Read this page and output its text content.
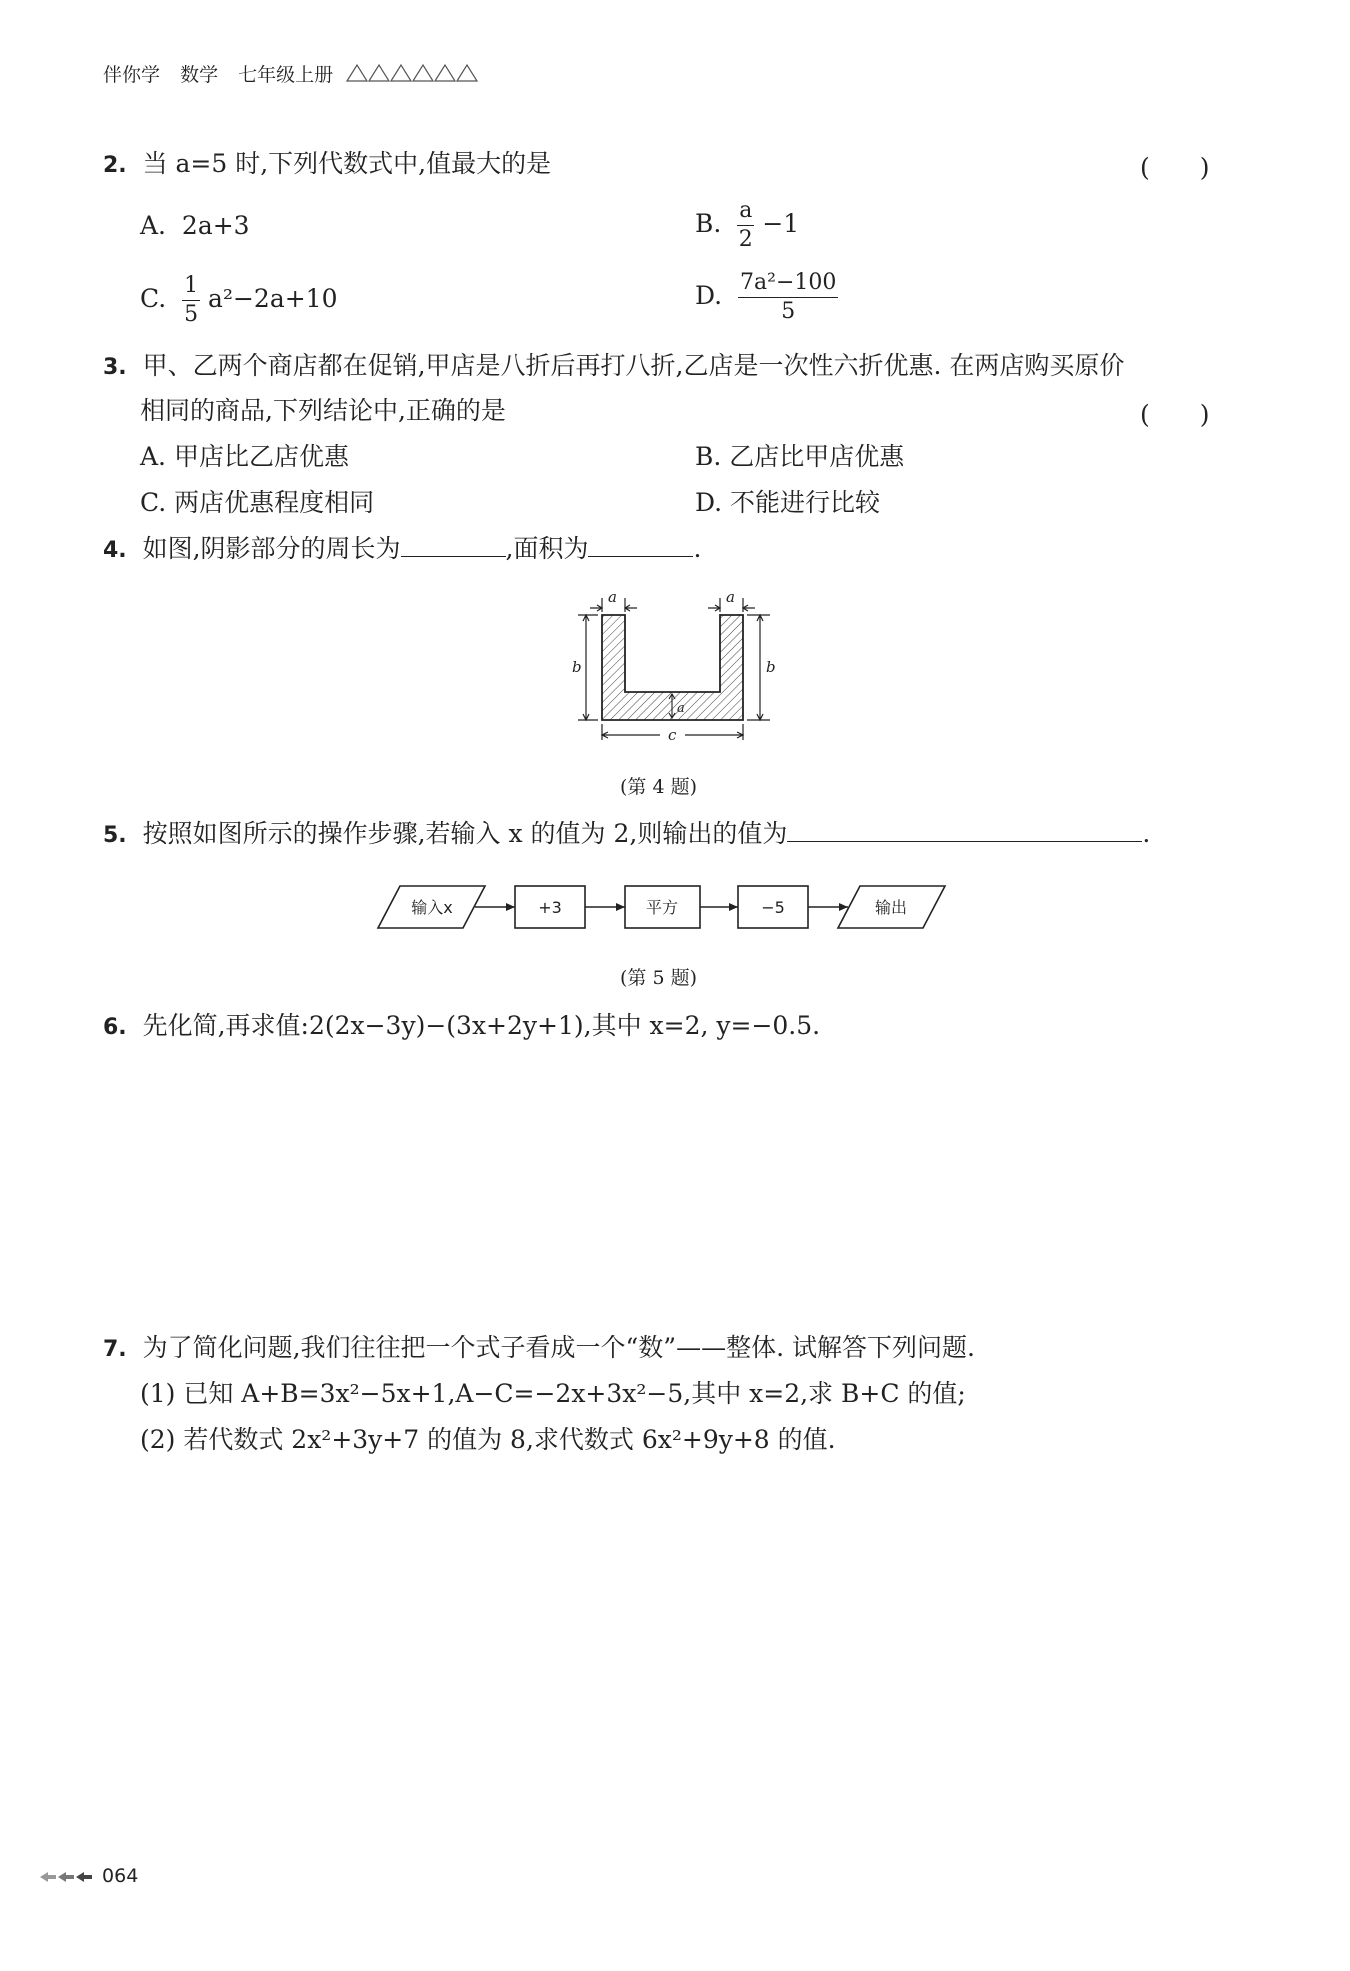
伴你学 数学 七年级上册
2. 当 a=5 时,下列代数式中,值最大的是	(　　)
A. 2a+3	B. $\frac{a}{2} -1$
C. $\frac{1}{5} a^2-2a+10$	D. $\frac{\text{7a²−100}}{5}$
3. 甲、乙两个商店都在促销,甲店是八折后再打八折,乙店是一次性六折优惠. 在两店购买原价
相同的商品,下列结论中,正确的是	(　　)
A. 甲店比乙店优惠	B. 乙店比甲店优惠
C. 两店优惠程度相同	D. 不能进行比较
4. 如图,阴影部分的周长为	,面积为	.
a	a
b	b
c
a
(第 4 题)
5. 按照如图所示的操作步骤,若输入 x 的值为 2,则输出的值为	.
输入x	+3	平方	−5	输出
(第 5 题)
6. 先化简,再求值:2(2x−3y)−(3x+2y+1),其中 x=2, y=−0.5.
7. 为了简化问题,我们往往把一个式子看成一个“数”——整体. 试解答下列问题.
(1) 已知 A+B=3x²−5x+1,A−C=−2x+3x²−5,其中 x=2,求 B+C 的值;
(2) 若代数式 2x²+3y+7 的值为 8,求代数式 6x²+9y+8 的值.
064
